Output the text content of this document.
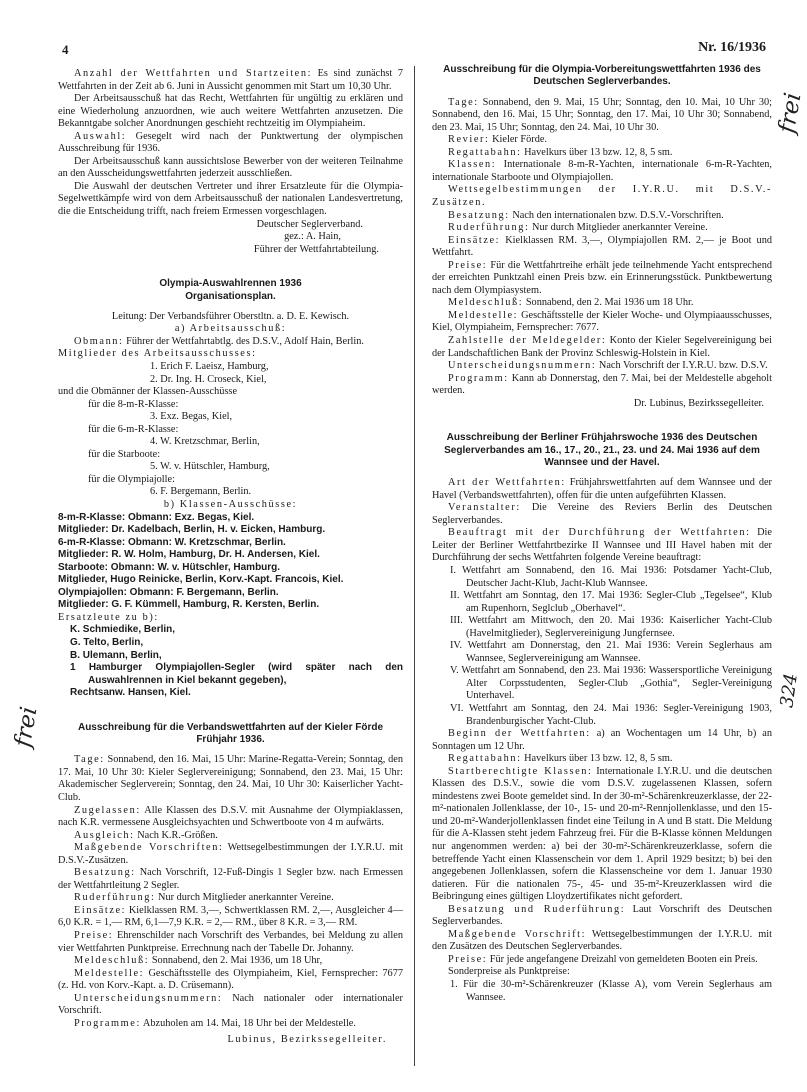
4	Nr. 16/1936

Anzahl der Wettfahrten und Startzeiten: Es sind zunächst 7 Wettfahrten in der Zeit ab 6. Juni in Aussicht genommen mit Start um 10,30 Uhr.

Der Arbeitsausschuß hat das Recht, Wettfahrten für ungültig zu erklären und eine Wiederholung anzuordnen, wie auch weitere Wettfahrten anzusetzen. Die Bekanntgabe solcher Anordnungen geschieht rechtzeitig im Olympiaheim.

Auswahl: Gesegelt wird nach der Punktwertung der olympischen Ausschreibung für 1936.

Der Arbeitsausschuß kann aussichtslose Bewerber von der weiteren Teilnahme an den Ausscheidungswettfahrten jederzeit ausschließen.

Die Auswahl der deutschen Vertreter und ihrer Ersatzleute für die Olympia-Segelwettkämpfe wird von dem Arbeitsausschuß der nationalen Landesvertretung, die die Entscheidung trifft, nach freiem Ermessen vorgeschlagen.

Deutscher Seglerverband.

gez.: A. Hain,

Führer der Wettfahrtabteilung.

Olympia-Auswahlrennen 1936

Organisationsplan.

Leitung: Der Verbandsführer Oberstltn. a. D. E. Kewisch.

a) Arbeitsausschuß:

Obmann: Führer der Wettfahrtabtlg. des D.S.V., Adolf Hain, Berlin.

Mitglieder des Arbeitsausschusses:

1. Erich F. Laeisz, Hamburg,

2. Dr. Ing. H. Croseck, Kiel,

und die Obmänner der Klassen-Ausschüsse

für die 8-m-R-Klasse:

3. Exz. Begas, Kiel,

für die 6-m-R-Klasse:

4. W. Kretzschmar, Berlin,

für die Starboote:

5. W. v. Hütschler, Hamburg,

für die Olympiajolle:

6. F. Bergemann, Berlin.

b) Klassen-Ausschüsse:

8-m-R-Klasse: Obmann: Exz. Begas, Kiel.

Mitglieder: Dr. Kadelbach, Berlin, H. v. Eicken, Hamburg.

6-m-R-Klasse: Obmann: W. Kretzschmar, Berlin.

Mitglieder: R. W. Holm, Hamburg, Dr. H. Andersen, Kiel.

Starboote: Obmann: W. v. Hütschler, Hamburg.

Mitglieder, Hugo Reinicke, Berlin, Korv.-Kapt. Francois, Kiel.

Olympiajollen: Obmann: F. Bergemann, Berlin.

Mitglieder: G. F. Kümmell, Hamburg, R. Kersten, Berlin.

Ersatzleute zu b):

K. Schmiedike, Berlin,

G. Telto, Berlin,

B. Ulemann, Berlin,

1 Hamburger Olympiajollen-Segler (wird später nach den Auswahlrennen in Kiel bekannt gegeben),

Rechtsanw. Hansen, Kiel.

Ausschreibung für die Verbandswettfahrten auf der Kieler Förde Frühjahr 1936.

Tage: Sonnabend, den 16. Mai, 15 Uhr: Marine-Regatta-Verein; Sonntag, den 17. Mai, 10 Uhr 30: Kieler Seglervereinigung; Sonnabend, den 23. Mai, 15 Uhr: Akademischer Seglerverein; Sonntag, den 24. Mai, 10 Uhr 30: Kaiserlicher Yacht-Club.

Zugelassen: Alle Klassen des D.S.V. mit Ausnahme der Olympiaklassen, nach K.R. vermessene Ausgleichsyachten und Schwertboote von 4 m aufwärts.

Ausgleich: Nach K.R.-Größen.

Maßgebende Vorschriften: Wettsegelbestimmungen der I.Y.R.U. mit D.S.V.-Zusätzen.

Besatzung: Nach Vorschrift, 12-Fuß-Dingis 1 Segler bzw. nach Ermessen der Wettfahrtleitung 2 Segler.

Ruderführung: Nur durch Mitglieder anerkannter Vereine.

Einsätze: Kielklassen RM. 3,—, Schwertklassen RM. 2,—, Ausgleicher 4—6,0 K.R. = 1,— RM, 6,1—7,9 K.R. = 2,— RM., über 8 K.R. = 3,— RM.

Preise: Ehrenschilder nach Vorschrift des Verbandes, bei Meldung zu allen vier Wettfahrten Punktpreise. Errechnung nach der Tabelle Dr. Johanny.

Meldeschluß: Sonnabend, den 2. Mai 1936, um 18 Uhr,

Meldestelle: Geschäftsstelle des Olympiaheim, Kiel, Fernsprecher: 7677 (z. Hd. von Korv.-Kapt. a. D. Crüsemann).

Unterscheidungsnummern: Nach nationaler oder internationaler Vorschrift.

Programme: Abzuholen am 14. Mai, 18 Uhr bei der Meldestelle.

Lubinus, Bezirkssegelleiter.

Ausschreibung für die Olympia-Vorbereitungswettfahrten 1936 des Deutschen Seglerverbandes.

Tage: Sonnabend, den 9. Mai, 15 Uhr; Sonntag, den 10. Mai, 10 Uhr 30; Sonnabend, den 16. Mai, 15 Uhr; Sonntag, den 17. Mai, 10 Uhr 30; Sonnabend, den 23. Mai, 15 Uhr; Sonntag, den 24. Mai, 10 Uhr 30.

Revier: Kieler Förde.

Regattabahn: Havelkurs über 13 bzw. 12, 8, 5 sm.

Klassen: Internationale 8-m-R-Yachten, internationale 6-m-R-Yachten, internationale Starboote und Olympiajollen.

Wettsegelbestimmungen der I.Y.R.U. mit D.S.V.-Zusätzen.

Besatzung: Nach den internationalen bzw. D.S.V.-Vorschriften.

Ruderführung: Nur durch Mitglieder anerkannter Vereine.

Einsätze: Kielklassen RM. 3,—, Olympiajollen RM. 2,— je Boot und Wettfahrt.

Preise: Für die Wettfahrtreihe erhält jede teilnehmende Yacht entsprechend der erreichten Punktzahl einen Preis bzw. ein Erinnerungsstück. Punktbewertung nach dem Olympiasystem.

Meldeschluß: Sonnabend, den 2. Mai 1936 um 18 Uhr.

Meldestelle: Geschäftsstelle der Kieler Woche- und Olympiaausschusses, Kiel, Olympiaheim, Fernsprecher: 7677.

Zahlstelle der Meldegelder: Konto der Kieler Segelvereinigung bei der Landschaftlichen Bank der Provinz Schleswig-Holstein in Kiel.

Unterscheidungsnummern: Nach Vorschrift der I.Y.R.U. bzw. D.S.V.

Programm: Kann ab Donnerstag, den 7. Mai, bei der Meldestelle abgeholt werden.

Dr. Lubinus, Bezirkssegelleiter.

Ausschreibung der Berliner Frühjahrswoche 1936 des Deutschen Seglerverbandes am 16., 17., 20., 21., 23. und 24. Mai 1936 auf dem Wannsee und der Havel.

Art der Wettfahrten: Frühjahrswettfahrten auf dem Wannsee und der Havel (Verbandswettfahrten), offen für die unten aufgeführten Klassen.

Veranstalter: Die Vereine des Reviers Berlin des Deutschen Seglerverbandes.

Beauftragt mit der Durchführung der Wettfahrten: Die Leiter der Berliner Wettfahrtbezirke II Wannsee und III Havel haben mit der Durchführung der sechs Wettfahrten folgende Vereine beauftragt:

I. Wettfahrt am Sonnabend, den 16. Mai 1936: Potsdamer Yacht-Club, Deutscher Jacht-Klub, Jacht-Klub Wannsee.

II. Wettfahrt am Sonntag, den 17. Mai 1936: Segler-Club „Tegelsee“, Klub am Rupenhorn, Seglclub „Oberhavel“.

III. Wettfahrt am Mittwoch, den 20. Mai 1936: Kaiserlicher Yacht-Club (Havelmitglieder), Seglervereinigung Jungfernsee.

IV. Wettfahrt am Donnerstag, den 21. Mai 1936: Verein Seglerhaus am Wannsee, Seglervereinigung am Wannsee.

V. Wettfahrt am Sonnabend, den 23. Mai 1936: Wassersportliche Vereinigung Alter Corpsstudenten, Segler-Club „Gothia“, Segler-Vereinigung Unterhavel.

VI. Wettfahrt am Sonntag, den 24. Mai 1936: Segler-Vereinigung 1903, Brandenburgischer Yacht-Club.

Beginn der Wettfahrten: a) an Wochentagen um 14 Uhr, b) an Sonntagen um 12 Uhr.

Regattabahn: Havelkurs über 13 bzw. 12, 8, 5 sm.

Startberechtigte Klassen: Internationale I.Y.R.U. und die deutschen Klassen des D.S.V., sowie die vom D.S.V. zugelassenen Klassen, sofern mindestens zwei Boote gemeldet sind. In der 30-m²-Schärenkreuzerklasse, der 22-m²-nationalen Jollenklasse, der 10-, 15- und 20-m²-Rennjollenklasse, und den 15- und 20-m²-Wanderjollenklassen findet eine Teilung in A und B statt. Die Meldung für die A-Klassen steht jedem Fahrzeug frei. Für die B-Klasse können Meldungen nur angenommen werden: a) bei der 30-m²-Schärenkreuzerklasse, sofern die betreffende Yacht einen Klassenschein vor dem 1. April 1929 besitzt; b) bei den angegebenen Jollenklassen, sofern die Klassenscheine vor dem 1. Januar 1930 datieren. Für die nationalen 75-, 45- und 35-m²-Kreuzerklassen wird die Beibringung eines gültigen Lloydzertifikates nicht gefordert.

Besatzung und Ruderführung: Laut Vorschrift des Deutschen Seglerverbandes.

Maßgebende Vorschrift: Wettsegelbestimmungen der I.Y.R.U. mit den Zusätzen des Deutschen Seglerverbandes.

Preise: Für jede angefangene Dreizahl von gemeldeten Booten ein Preis.

Sonderpreise als Punktpreise:

1. Für die 30-m²-Schärenkreuzer (Klasse A), vom Verein Seglerhaus am Wannsee.

frei
frei
324
